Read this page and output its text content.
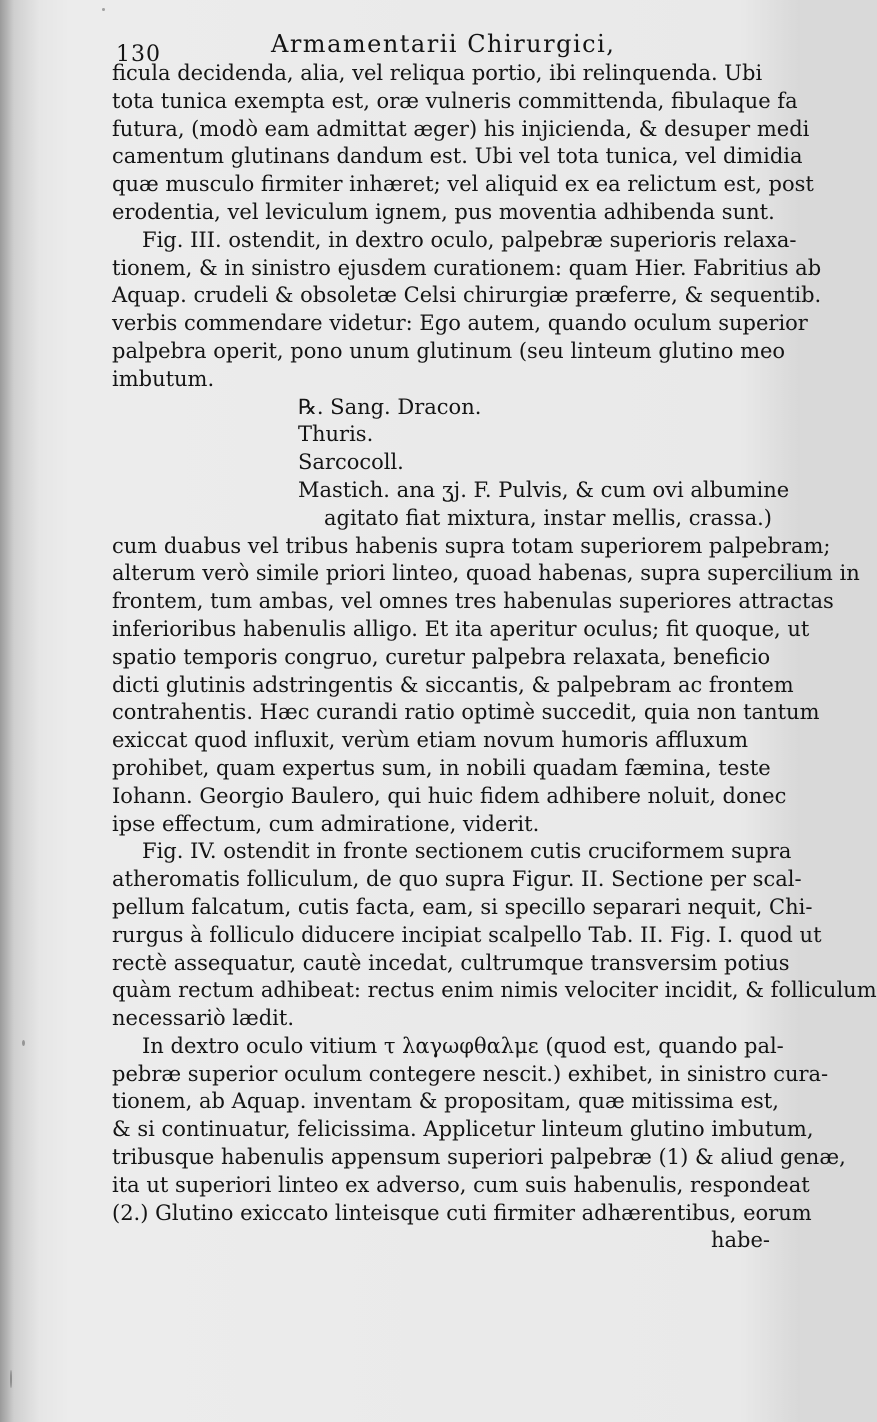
130	Armamentarii Chirurgici,
ficula decidenda, alia, vel reliqua portio, ibi relinquenda. Ubi
tota tunica exempta est, oræ vulneris committenda, fibulaque fa
futura, (modò eam admittat æger) his injicienda, & desuper medi
camentum glutinans dandum est. Ubi vel tota tunica, vel dimidia
quæ musculo firmiter inhæret; vel aliquid ex ea relictum est, post
erodentia, vel leviculum ignem, pus moventia adhibenda sunt.
Fig. III. ostendit, in dextro oculo, palpebræ superioris relaxa-
tionem, & in sinistro ejusdem curationem: quam Hier. Fabritius ab
Aquap. crudeli & obsoletæ Celsi chirurgiæ præferre, & sequentib.
verbis commendare videtur: Ego autem, quando oculum superior
palpebra operit, pono unum glutinum (seu linteum glutino meo
imbutum.
℞. Sang. Dracon.
Thuris.
Sarcocoll.
Mastich. ana ʒj. F. Pulvis, & cum ovi albumine
agitato fiat mixtura, instar mellis, crassa.)
cum duabus vel tribus habenis supra totam superiorem palpebram;
alterum verò simile priori linteo, quoad habenas, supra supercilium in
frontem, tum ambas, vel omnes tres habenulas superiores attractas
inferioribus habenulis alligo. Et ita aperitur oculus; fit quoque, ut
spatio temporis congruo, curetur palpebra relaxata, beneficio
dicti glutinis adstringentis & siccantis, & palpebram ac frontem
contrahentis. Hæc curandi ratio optimè succedit, quia non tantum
exiccat quod influxit, verùm etiam novum humoris affluxum
prohibet, quam expertus sum, in nobili quadam fæmina, teste
Iohann. Georgio Baulero, qui huic fidem adhibere noluit, donec
ipse effectum, cum admiratione, viderit.
Fig. IV. ostendit in fronte sectionem cutis cruciformem supra
atheromatis folliculum, de quo supra Figur. II. Sectione per scal-
pellum falcatum, cutis facta, eam, si specillo separari nequit, Chi-
rurgus à folliculo diducere incipiat scalpello Tab. II. Fig. I. quod ut
rectè assequatur, cautè incedat, cultrumque transversim potius
quàm rectum adhibeat: rectus enim nimis velociter incidit, & folliculum
necessariò lædit.
In dextro oculo vitium τ λαγωφθαλμε (quod est, quando pal-
pebræ superior oculum contegere nescit.) exhibet, in sinistro cura-
tionem, ab Aquap. inventam & propositam, quæ mitissima est,
& si continuatur, felicissima. Applicetur linteum glutino imbutum,
tribusque habenulis appensum superiori palpebræ (1) & aliud genæ,
ita ut superiori linteo ex adverso, cum suis habenulis, respondeat
(2.) Glutino exiccato linteisque cuti firmiter adhærentibus, eorum
habe-
